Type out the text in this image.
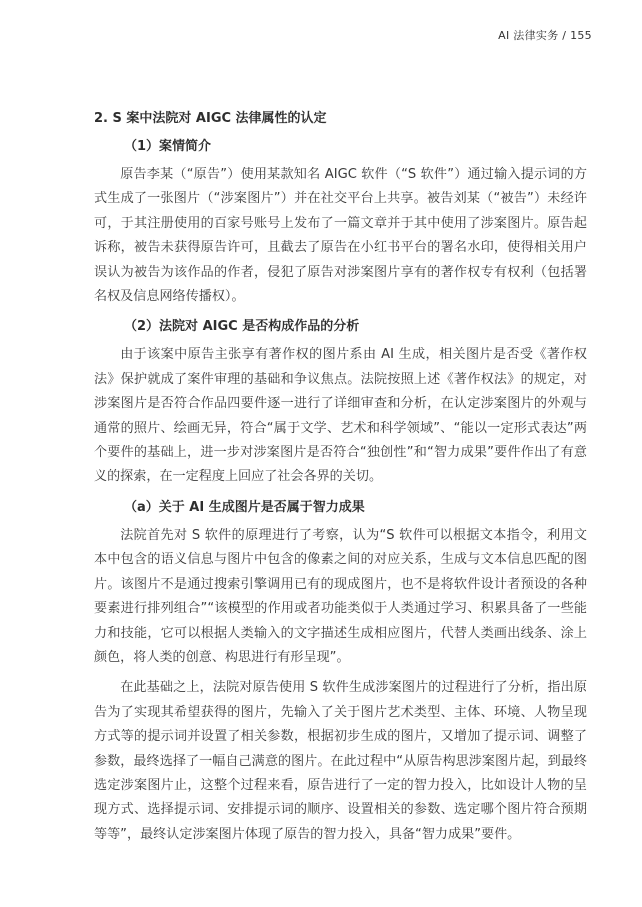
AI 法律实务 / 155
2. S 案中法院对 AIGC 法律属性的认定
（1）案情简介

原告李某（“原告”）使用某款知名 AIGC 软件（“S 软件”）通过输入提示词的方式生成了一张图片（“涉案图片”）并在社交平台上共享。被告刘某（“被告”）未经许可，于其注册使用的百家号账号上发布了一篇文章并于其中使用了涉案图片。原告起诉称，被告未获得原告许可，且截去了原告在小红书平台的署名水印，使得相关用户误认为被告为该作品的作者，侵犯了原告对涉案图片享有的著作权专有权利（包括署名权及信息网络传播权）。

（2）法院对 AIGC 是否构成作品的分析

由于该案中原告主张享有著作权的图片系由 AI 生成，相关图片是否受《著作权法》保护就成了案件审理的基础和争议焦点。法院按照上述《著作权法》的规定，对涉案图片是否符合作品四要件逐一进行了详细审查和分析，在认定涉案图片的外观与通常的照片、绘画无异，符合“属于文学、艺术和科学领域”、“能以一定形式表达”两个要件的基础上，进一步对涉案图片是否符合“独创性”和“智力成果”要件作出了有意义的探索，在一定程度上回应了社会各界的关切。

（a）关于 AI 生成图片是否属于智力成果

法院首先对 S 软件的原理进行了考察，认为“S 软件可以根据文本指令，利用文本中包含的语义信息与图片中包含的像素之间的对应关系，生成与文本信息匹配的图片。该图片不是通过搜索引擎调用已有的现成图片，也不是将软件设计者预设的各种要素进行排列组合”“该模型的作用或者功能类似于人类通过学习、积累具备了一些能力和技能，它可以根据人类输入的文字描述生成相应图片，代替人类画出线条、涂上颜色，将人类的创意、构思进行有形呈现”。

在此基础之上，法院对原告使用 S 软件生成涉案图片的过程进行了分析，指出原告为了实现其希望获得的图片，先输入了关于图片艺术类型、主体、环境、人物呈现方式等的提示词并设置了相关参数，根据初步生成的图片，又增加了提示词、调整了参数，最终选择了一幅自己满意的图片。在此过程中“从原告构思涉案图片起，到最终选定涉案图片止，这整个过程来看，原告进行了一定的智力投入，比如设计人物的呈现方式、选择提示词、安排提示词的顺序、设置相关的参数、选定哪个图片符合预期等等”，最终认定涉案图片体现了原告的智力投入，具备“智力成果”要件。
